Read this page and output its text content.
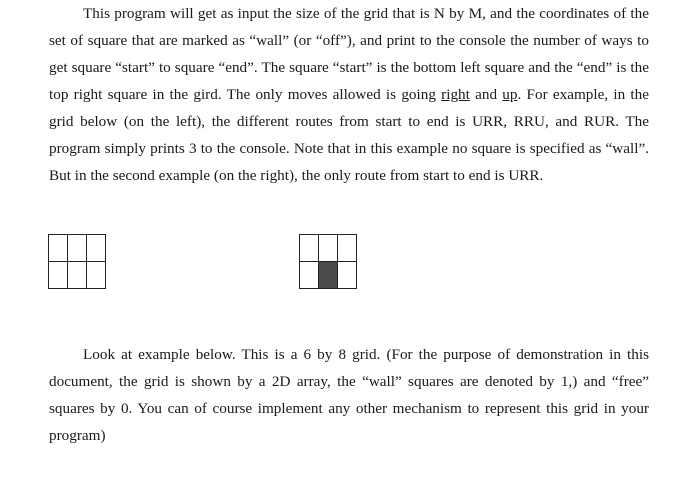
This program will get as input the size of the grid that is N by M, and the coordinates of the set of square that are marked as “wall” (or “off”), and print to the console the number of ways to get square “start” to square “end”. The square “start” is the bottom left square and the “end” is the top right square in the gird. The only moves allowed is going right and up. For example, in the grid below (on the left), the different routes from start to end is URR, RRU, and RUR. The program simply prints 3 to the console. Note that in this example no square is specified as “wall”. But in the second example (on the right), the only route from start to end is URR.

Look at example below. This is a 6 by 8 grid. (For the purpose of demonstration in this document, the grid is shown by a 2D array, the “wall” squares are denoted by 1,) and “free” squares by 0. You can of course implement any other mechanism to represent this grid in your program)
